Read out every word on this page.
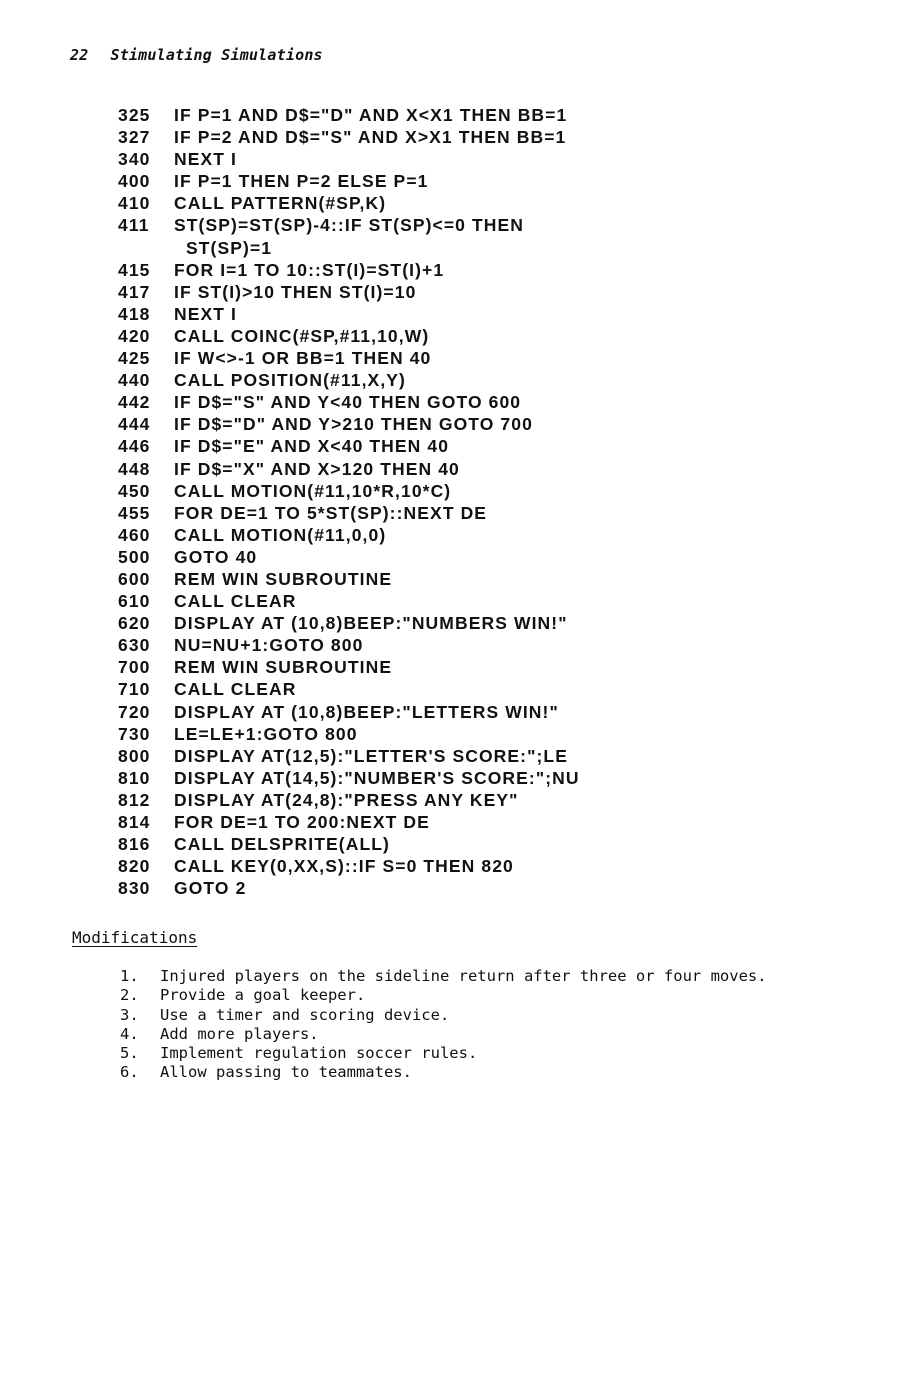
22 Stimulating Simulations
325 IF P=1 AND D$="D" AND X<X1 THEN BB=1
327 IF P=2 AND D$="S" AND X>X1 THEN BB=1
340 NEXT I
400 IF P=1 THEN P=2 ELSE P=1
410 CALL PATTERN(#SP,K)
411 ST(SP)=ST(SP)-4::IF ST(SP)<=0 THEN
ST(SP)=1
415 FOR I=1 TO 10::ST(I)=ST(I)+1
417 IF ST(I)>10 THEN ST(I)=10
418 NEXT I
420 CALL COINC(#SP,#11,10,W)
425 IF W<>-1 OR BB=1 THEN 40
440 CALL POSITION(#11,X,Y)
442 IF D$="S" AND Y<40 THEN GOTO 600
444 IF D$="D" AND Y>210 THEN GOTO 700
446 IF D$="E" AND X<40 THEN 40
448 IF D$="X" AND X>120 THEN 40
450 CALL MOTION(#11,10*R,10*C)
455 FOR DE=1 TO 5*ST(SP)::NEXT DE
460 CALL MOTION(#11,0,0)
500 GOTO 40
600 REM WIN SUBROUTINE
610 CALL CLEAR
620 DISPLAY AT (10,8)BEEP:"NUMBERS WIN!"
630 NU=NU+1:GOTO 800
700 REM WIN SUBROUTINE
710 CALL CLEAR
720 DISPLAY AT (10,8)BEEP:"LETTERS WIN!"
730 LE=LE+1:GOTO 800
800 DISPLAY AT(12,5):"LETTER'S SCORE:";LE
810 DISPLAY AT(14,5):"NUMBER'S SCORE:";NU
812 DISPLAY AT(24,8):"PRESS ANY KEY"
814 FOR DE=1 TO 200:NEXT DE
816 CALL DELSPRITE(ALL)
820 CALL KEY(0,XX,S)::IF S=0 THEN 820
830 GOTO 2
Modifications
1. Injured players on the sideline return after three or four moves.
2. Provide a goal keeper.
3. Use a timer and scoring device.
4. Add more players.
5. Implement regulation soccer rules.
6. Allow passing to teammates.
